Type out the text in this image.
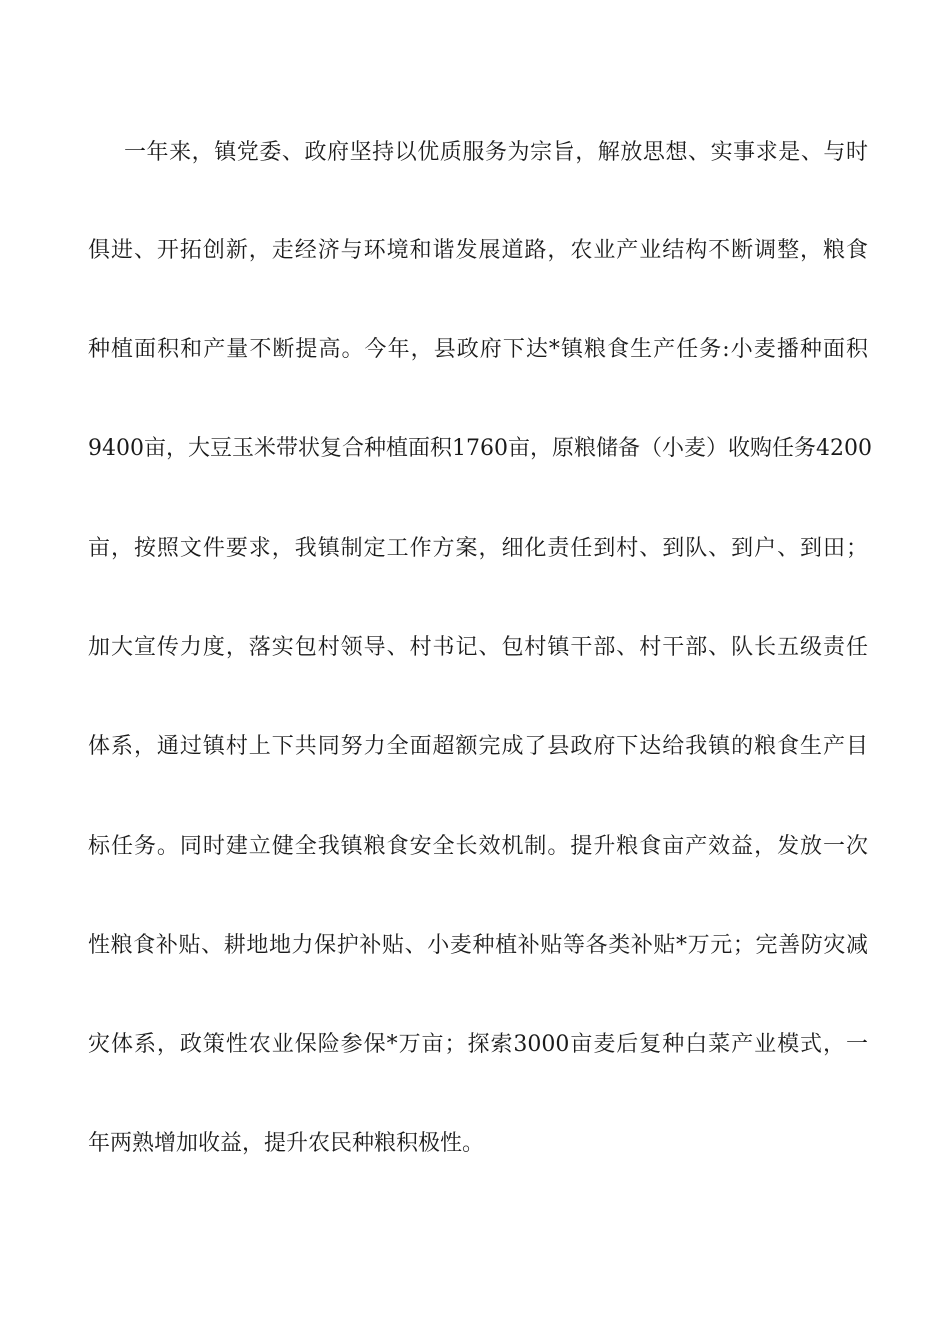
一年来，镇党委、政府坚持以优质服务为宗旨，解放思想、实事求是、与时
俱进、开拓创新，走经济与环境和谐发展道路，农业产业结构不断调整，粮食
种植面积和产量不断提高。今年，县政府下达*镇粮食生产任务:小麦播种面积
9400亩，大豆玉米带状复合种植面积1760亩，原粮储备（小麦）收购任务4200
亩，按照文件要求，我镇制定工作方案，细化责任到村、到队、到户、到田；
加大宣传力度，落实包村领导、村书记、包村镇干部、村干部、队长五级责任
体系，通过镇村上下共同努力全面超额完成了县政府下达给我镇的粮食生产目
标任务。同时建立健全我镇粮食安全长效机制。提升粮食亩产效益，发放一次
性粮食补贴、耕地地力保护补贴、小麦种植补贴等各类补贴*万元；完善防灾减
灾体系，政策性农业保险参保*万亩；探索3000亩麦后复种白菜产业模式，一
年两熟增加收益，提升农民种粮积极性。
